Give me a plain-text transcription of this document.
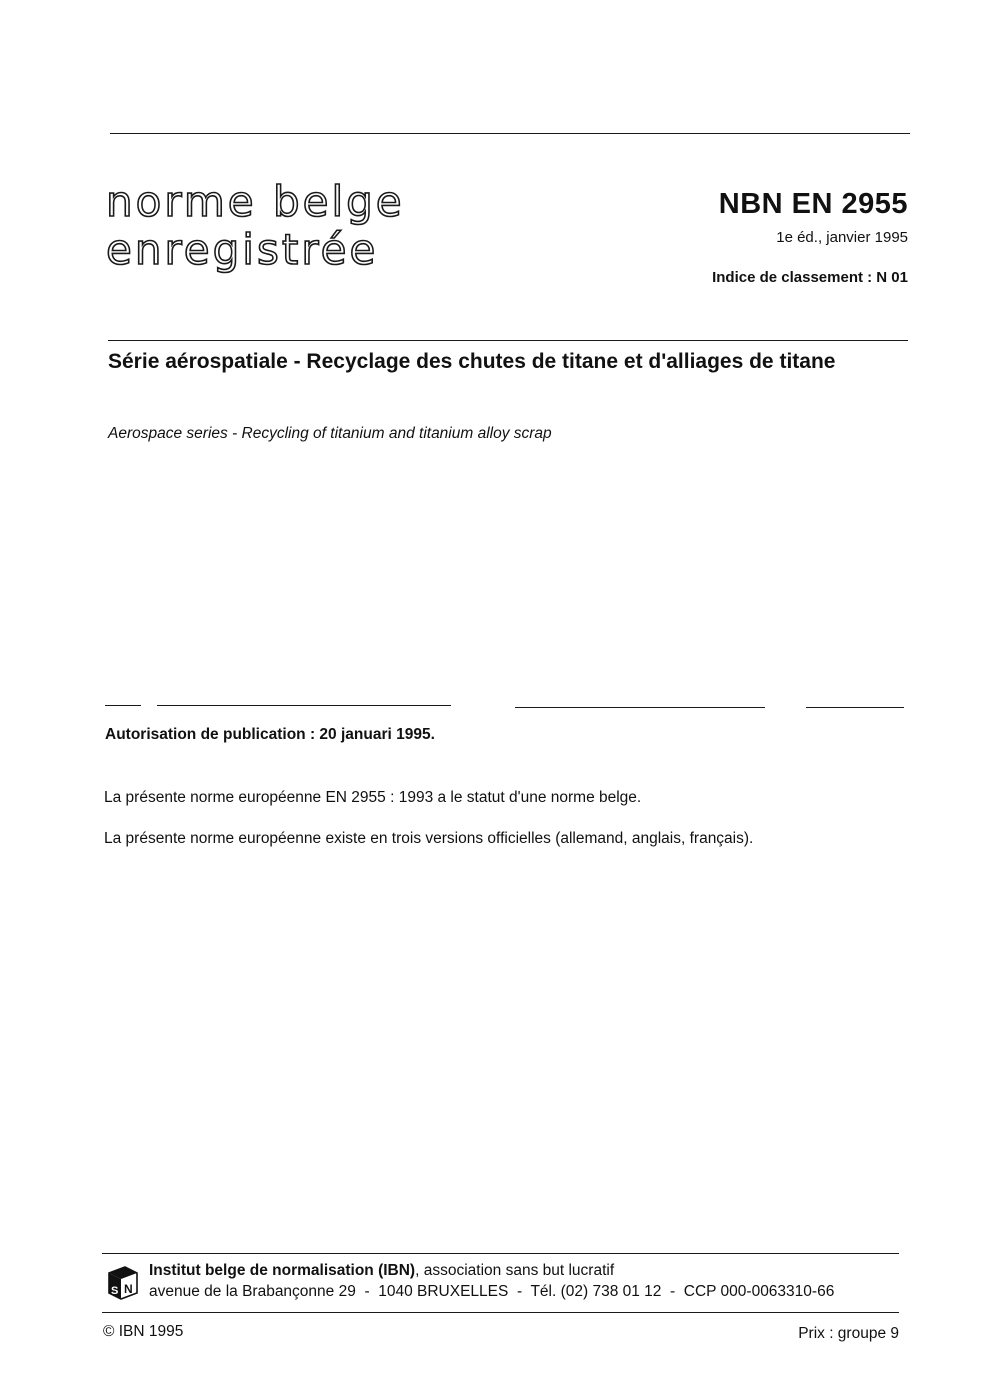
norme belge
enregistrée
NBN EN 2955
1e éd., janvier 1995
Indice de classement : N 01
Série aérospatiale - Recyclage des chutes de titane et d'alliages de titane
Aerospace series - Recycling of titanium and titanium alloy scrap
Autorisation de publication : 20 januari 1995.
La présente norme européenne EN 2955 : 1993 a le statut d'une norme belge.
La présente norme européenne existe en trois versions officielles (allemand, anglais, français).
S N
Institut belge de normalisation (IBN), association sans but lucratif
avenue de la Brabançonne 29  -  1040 BRUXELLES  -  Tél. (02) 738 01 12  -  CCP 000-0063310-66
© IBN 1995	Prix : groupe 9
